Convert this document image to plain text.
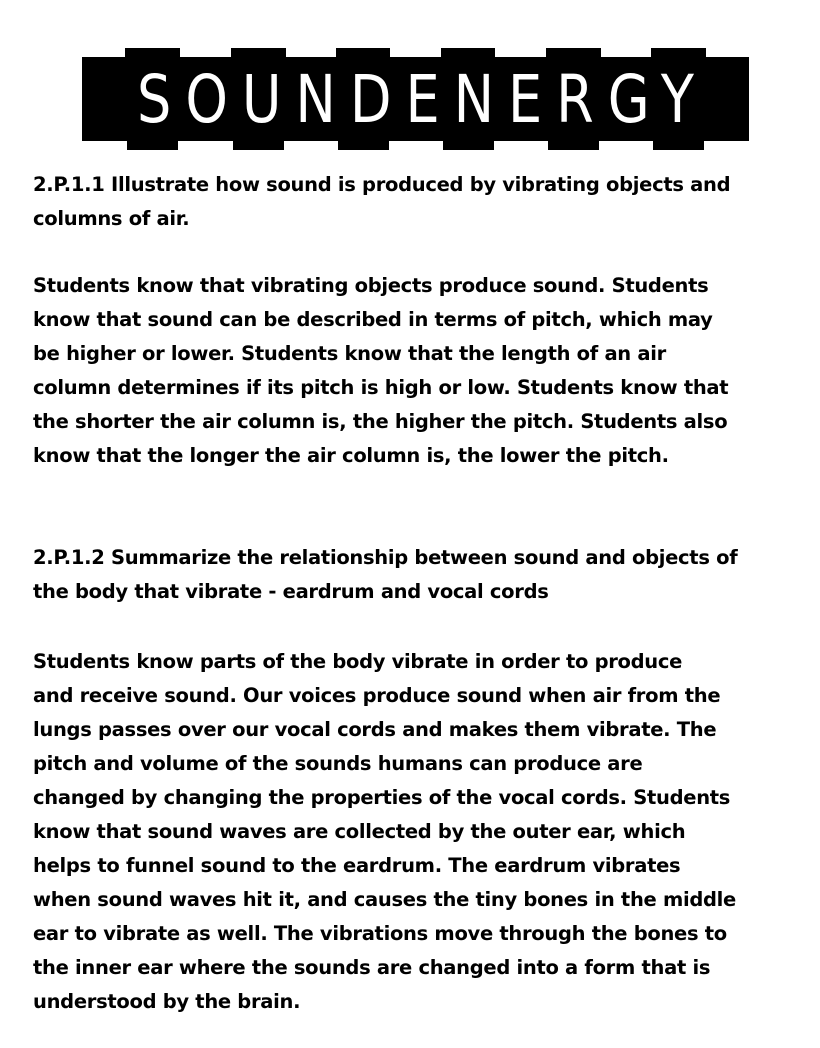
SOUNDENERGY
2.P.1.1 Illustrate how sound is produced by vibrating objects and
columns of air.
Students know that vibrating objects produce sound. Students
know that sound can be described in terms of pitch, which may
be higher or lower. Students know that the length of an air
column determines if its pitch is high or low. Students know that
the shorter the air column is, the higher the pitch. Students also
know that the longer the air column is, the lower the pitch.
2.P.1.2 Summarize the relationship between sound and objects of
the body that vibrate - eardrum and vocal cords
Students know parts of the body vibrate in order to produce
and receive sound. Our voices produce sound when air from the
lungs passes over our vocal cords and makes them vibrate. The
pitch and volume of the sounds humans can produce are
changed by changing the properties of the vocal cords. Students
know that sound waves are collected by the outer ear, which
helps to funnel sound to the eardrum. The eardrum vibrates
when sound waves hit it, and causes the tiny bones in the middle
ear to vibrate as well. The vibrations move through the bones to
the inner ear where the sounds are changed into a form that is
understood by the brain.
